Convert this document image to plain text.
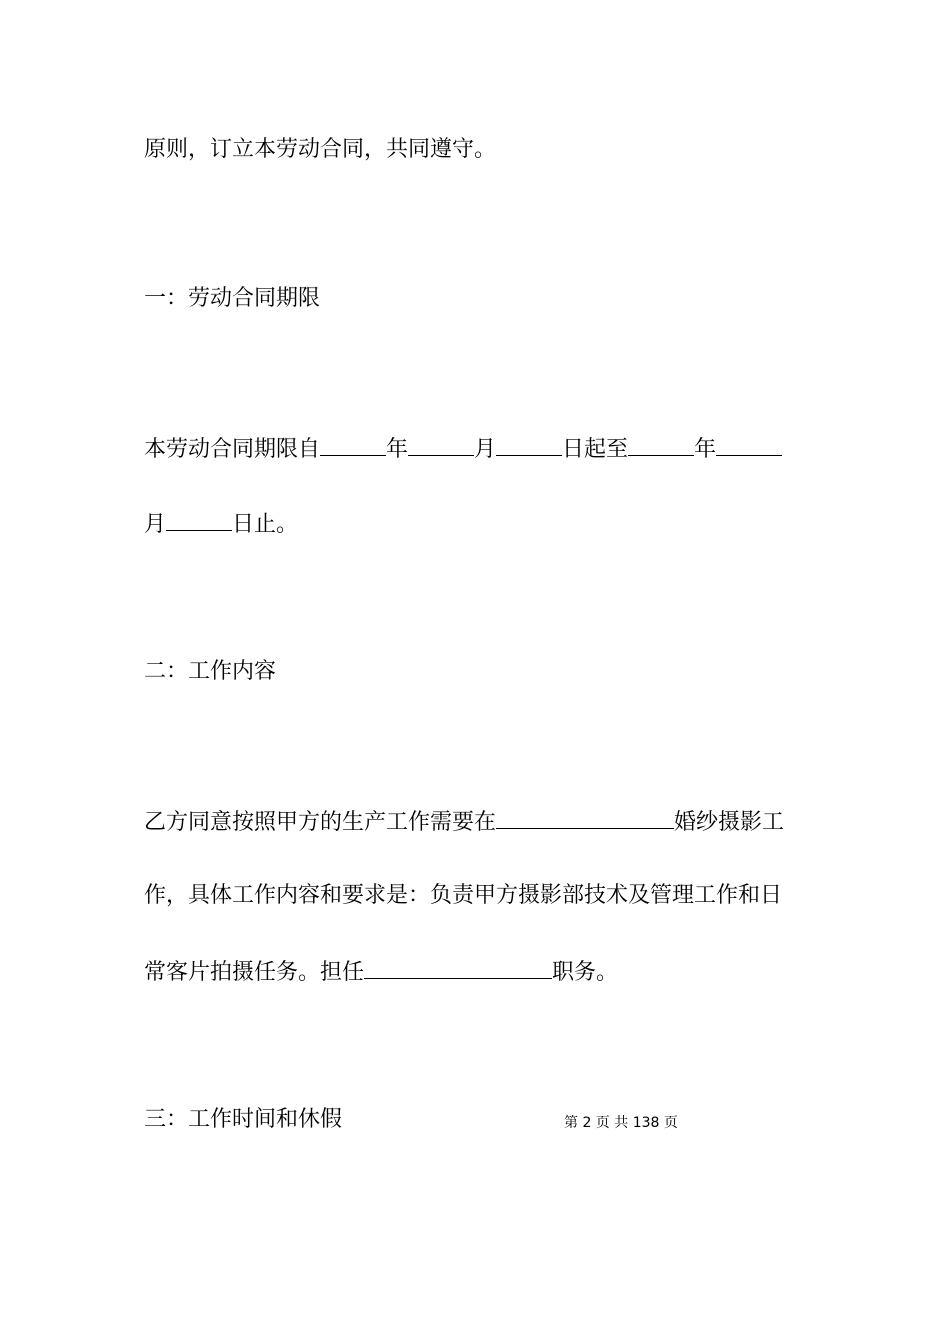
原则，订立本劳动合同，共同遵守。
一：劳动合同期限
本劳动合同期限自	年	月	日起至	年
月	日止。
二：工作内容
乙方同意按照甲方的生产工作需要在	婚纱摄影工
作，具体工作内容和要求是：负责甲方摄影部技术及管理工作和日
常客片拍摄任务。担任	职务。
三：工作时间和休假	第 2 页 共 138 页
